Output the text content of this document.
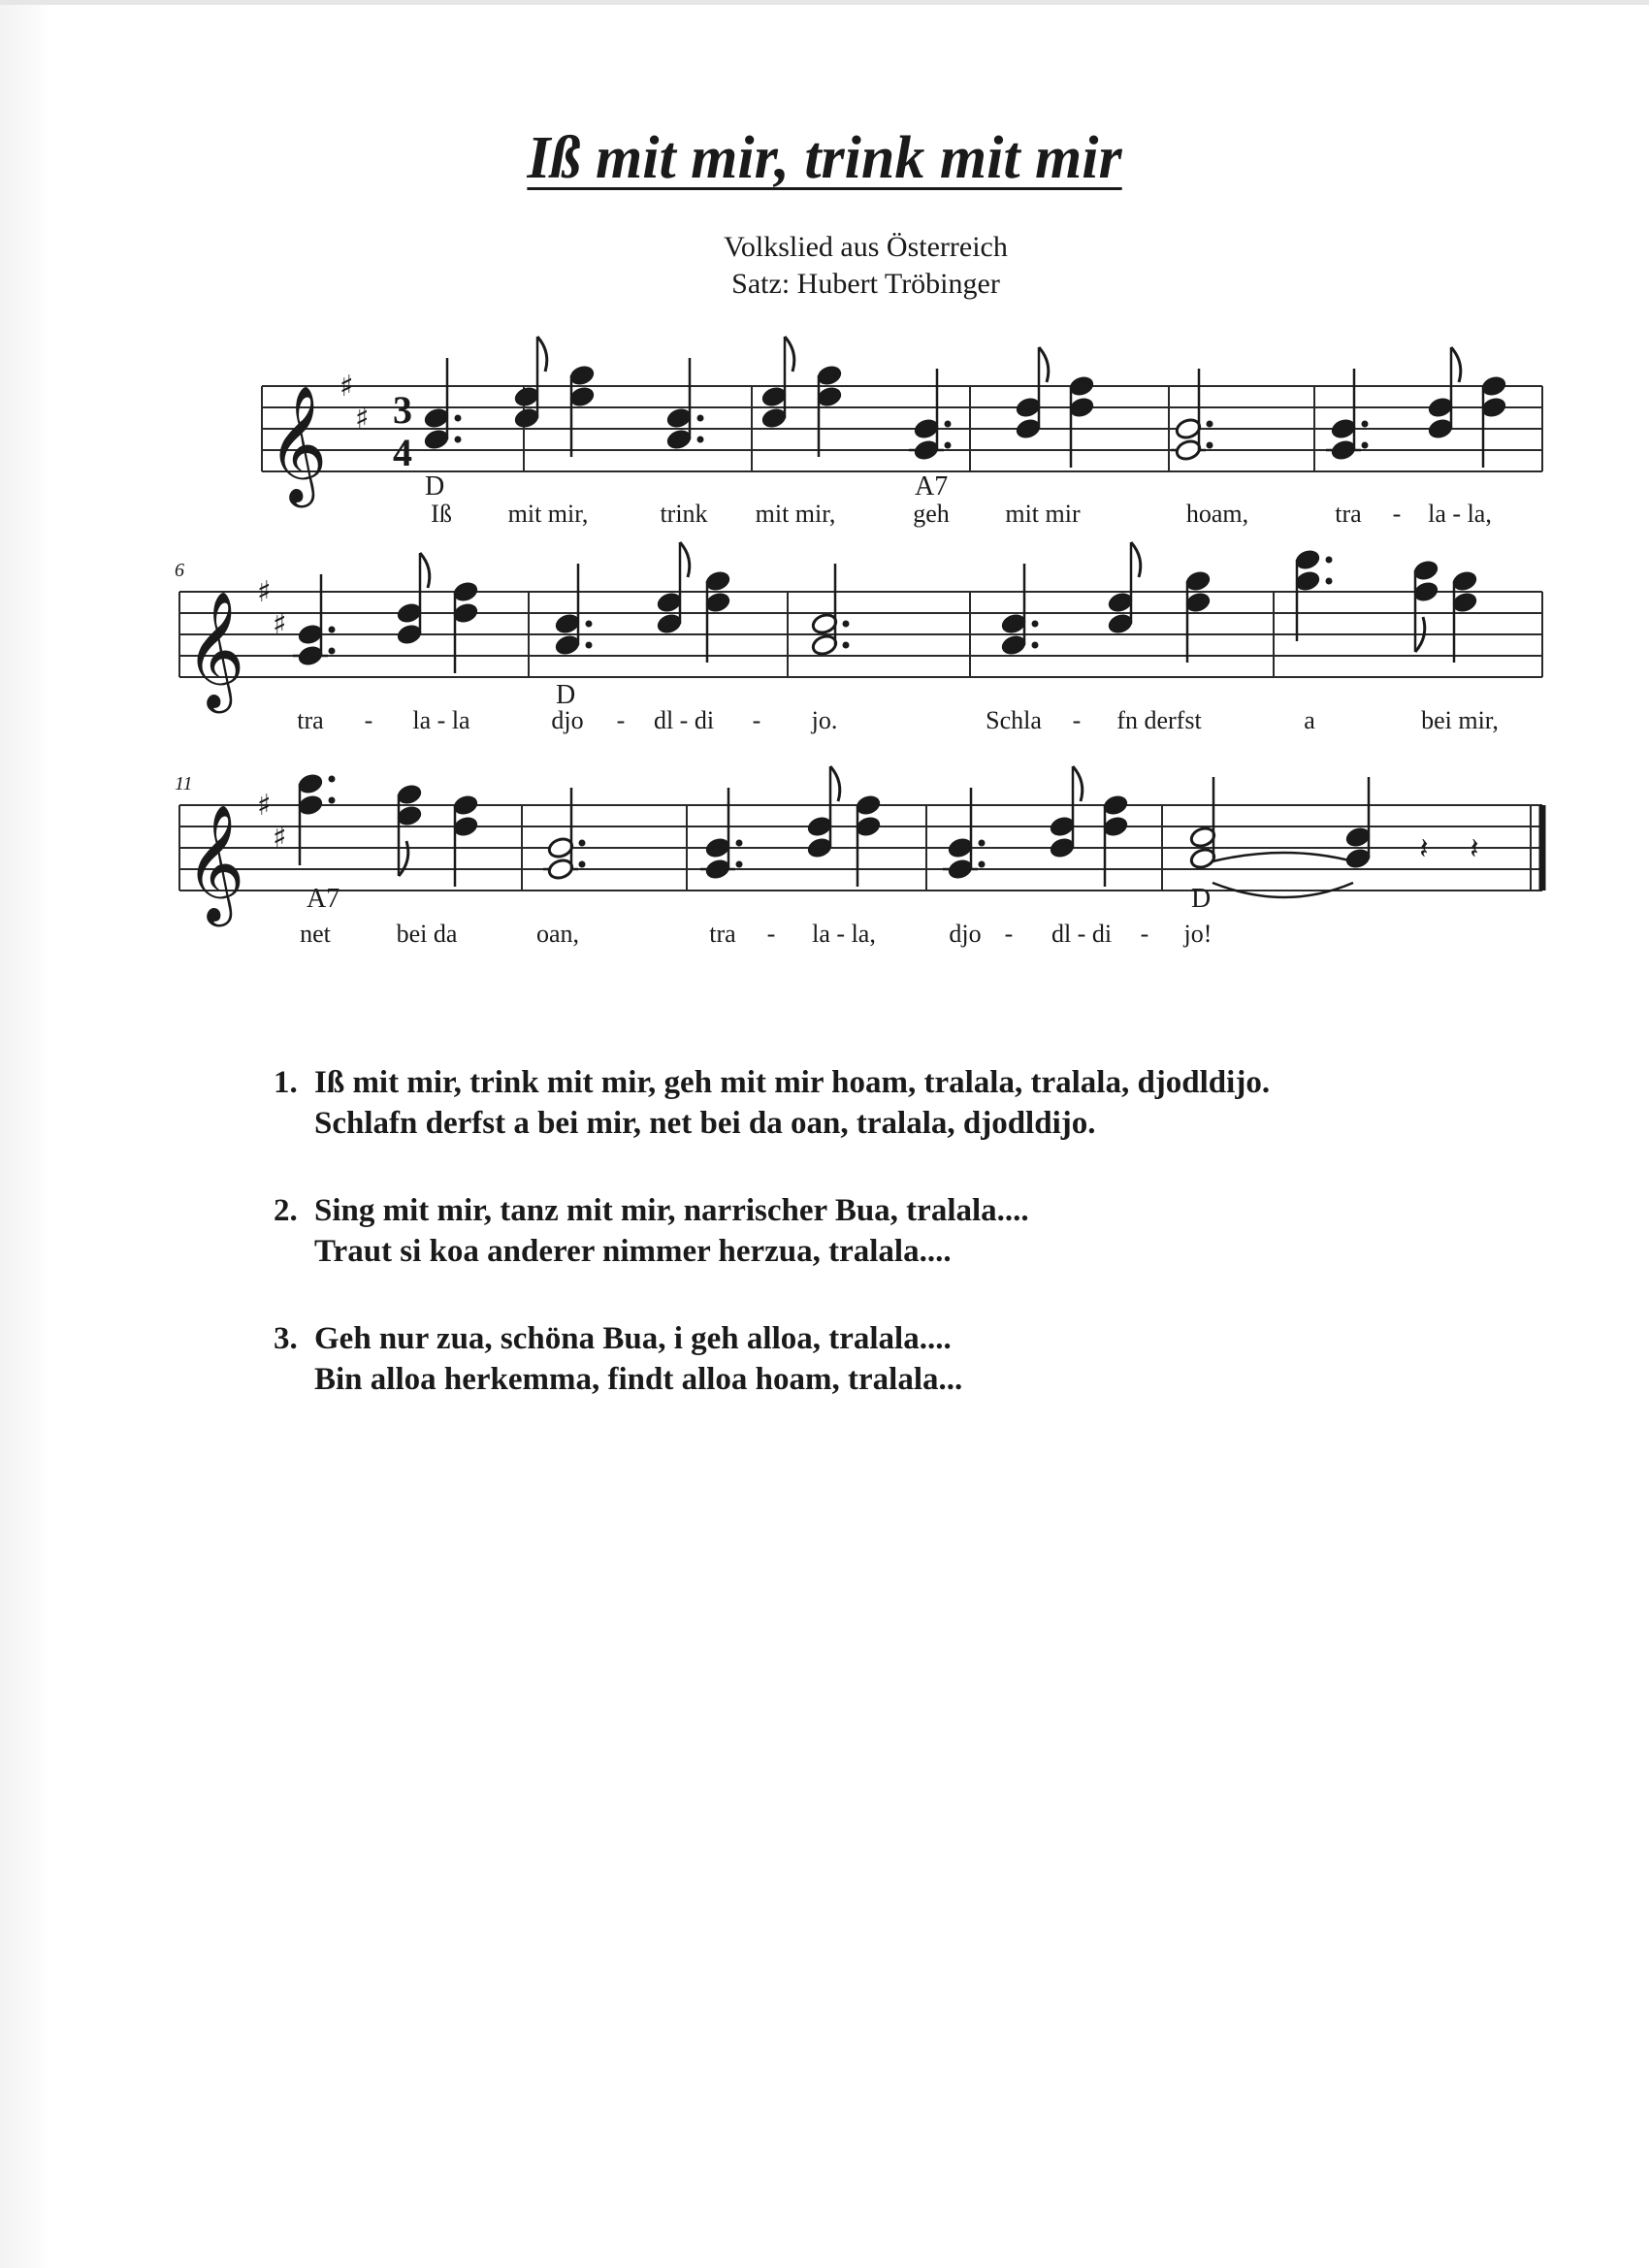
Iß mit mir, trink mit mir
Volkslied aus Österreich
Satz: Hubert Tröbinger
𝄞 ♯
♯ 3
4
D	A7
Iß mit mir,	trink mit mir,	geh mit mir	hoam,	tra - la - la,
𝄞 ♯
♯
6
D
tra - la - la	djo - dl - di - jo.	Schla - fn derfst	a	bei mir,
𝄞 ♯
♯
11
𝄽 𝄽
A7	D
net	bei da	oan,	tra - la - la,	djo - dl - di - jo!
1. Iß mit mir, trink mit mir, geh mit mir hoam, tralala, tralala, djodldijo.
Schlafn derfst a bei mir, net bei da oan, tralala, djodldijo.
2. Sing mit mir, tanz mit mir, narrischer Bua, tralala....
Traut si koa anderer nimmer herzua, tralala....
3. Geh nur zua, schöna Bua, i geh alloa, tralala....
Bin alloa herkemma, findt alloa hoam, tralala...
